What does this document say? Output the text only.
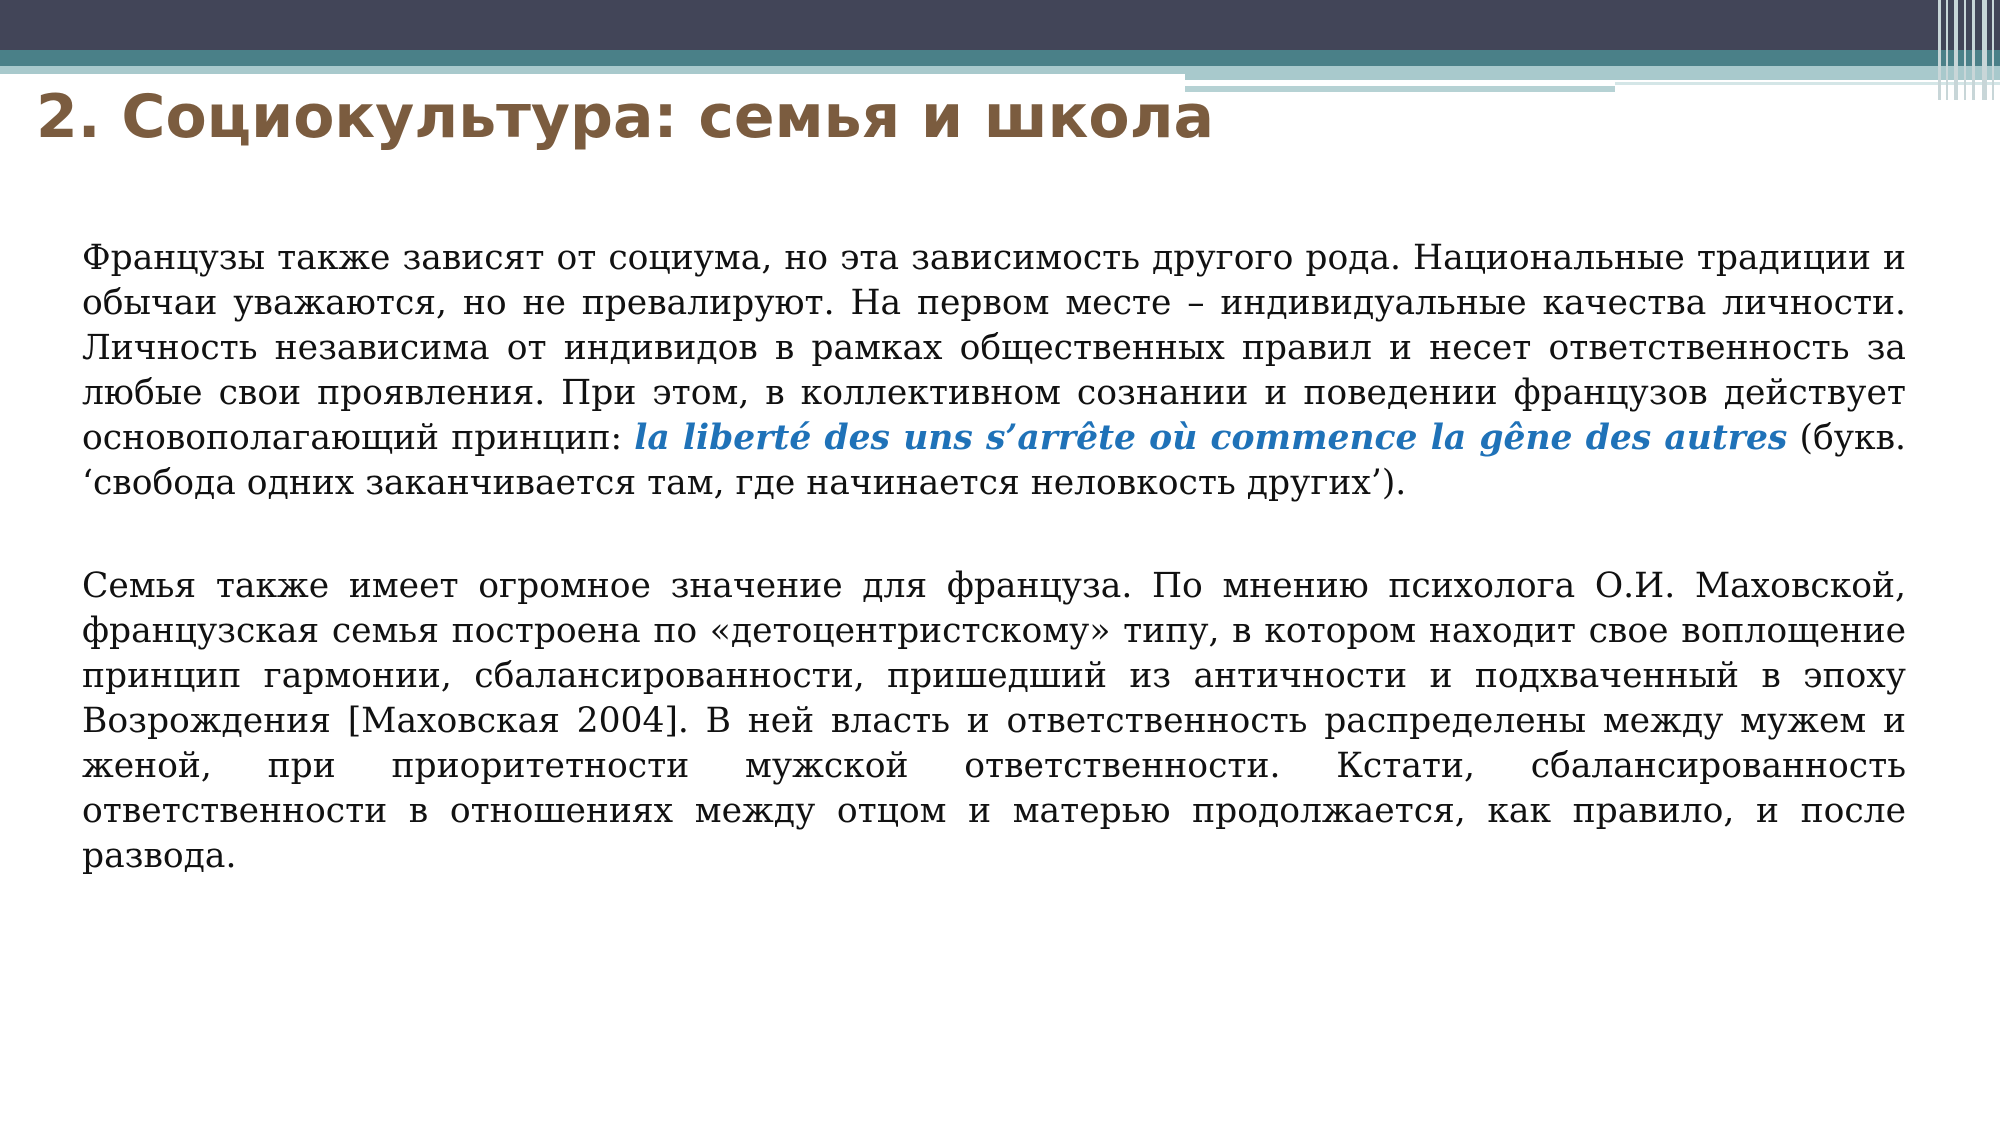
2. Социокультура: семья и школа

Французы также зависят от социума, но эта зависимость другого рода. Национальные традиции и обычаи уважаются, но не превалируют. На первом месте – индивидуальные качества личности. Личность независима от индивидов в рамках общественных правил и несет ответственность за любые свои проявления. При этом, в коллективном сознании и поведении французов действует основополагающий принцип: la liberté des uns s’arrête où commence la gêne des autres (букв. ‘свобода одних заканчивается там, где начинается неловкость других’).

Семья также имеет огромное значение для француза. По мнению психолога О.И. Маховской, французская семья построена по «детоцентристскому» типу, в котором находит свое воплощение принцип гармонии, сбалансированности, пришедший из античности и подхваченный в эпоху Возрождения [Маховская 2004]. В ней власть и ответственность распределены между мужем и женой, при приоритетности мужской ответственности. Кстати, сбалансированность ответственности в отношениях между отцом и матерью продолжается, как правило, и после развода.
